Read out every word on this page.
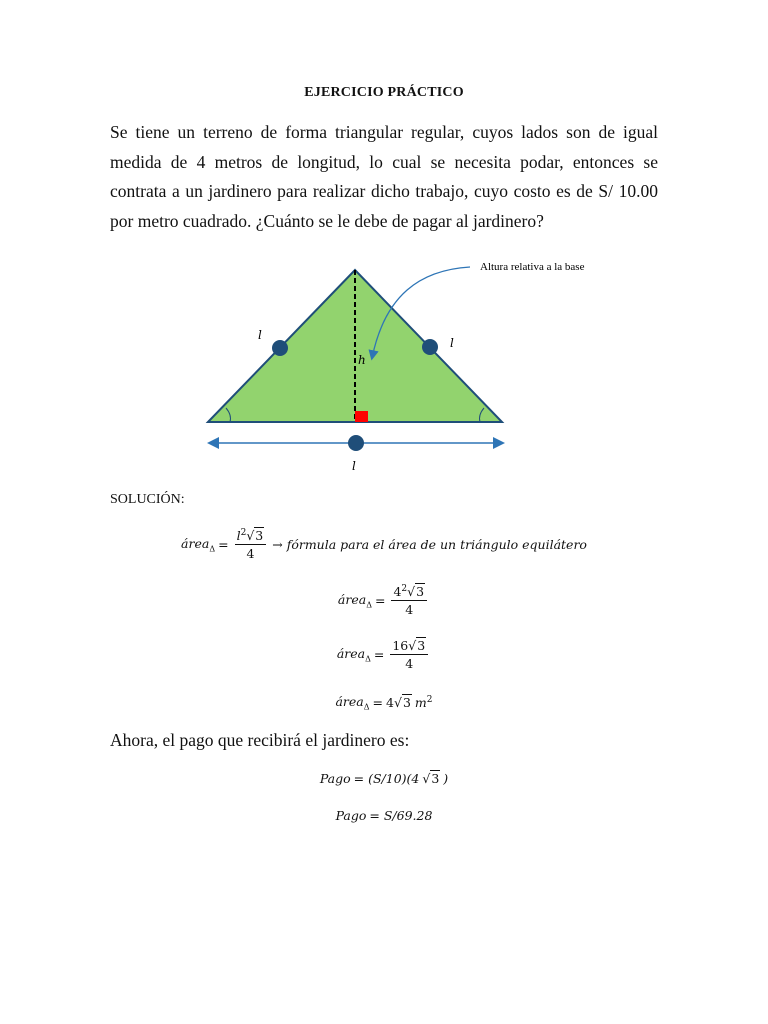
EJERCICIO PRÁCTICO
Se tiene un terreno de forma triangular regular, cuyos lados son de igual medida de 4 metros de longitud, lo cual se necesita podar, entonces se contrata a un jardinero para realizar dicho trabajo, cuyo costo es de S/ 10.00 por metro cuadrado. ¿Cuánto se le debe de pagar al jardinero?
Altura relativa a la base
l
l
h
l
SOLUCIÓN:
área$_\Delta$ = $\frac{l^2√3}{4}$ → fórmula para el área de un triángulo equilátero
área$_\Delta$ = $\frac{4^2√3}{4}$
área$_\Delta$ = $\frac{16√3}{4}$
área$_\Delta$ = 4√3 $m^2$
Ahora, el pago que recibirá el jardinero es:
Pago = (S/10)(4 √3 )
Pago = S/69.28
